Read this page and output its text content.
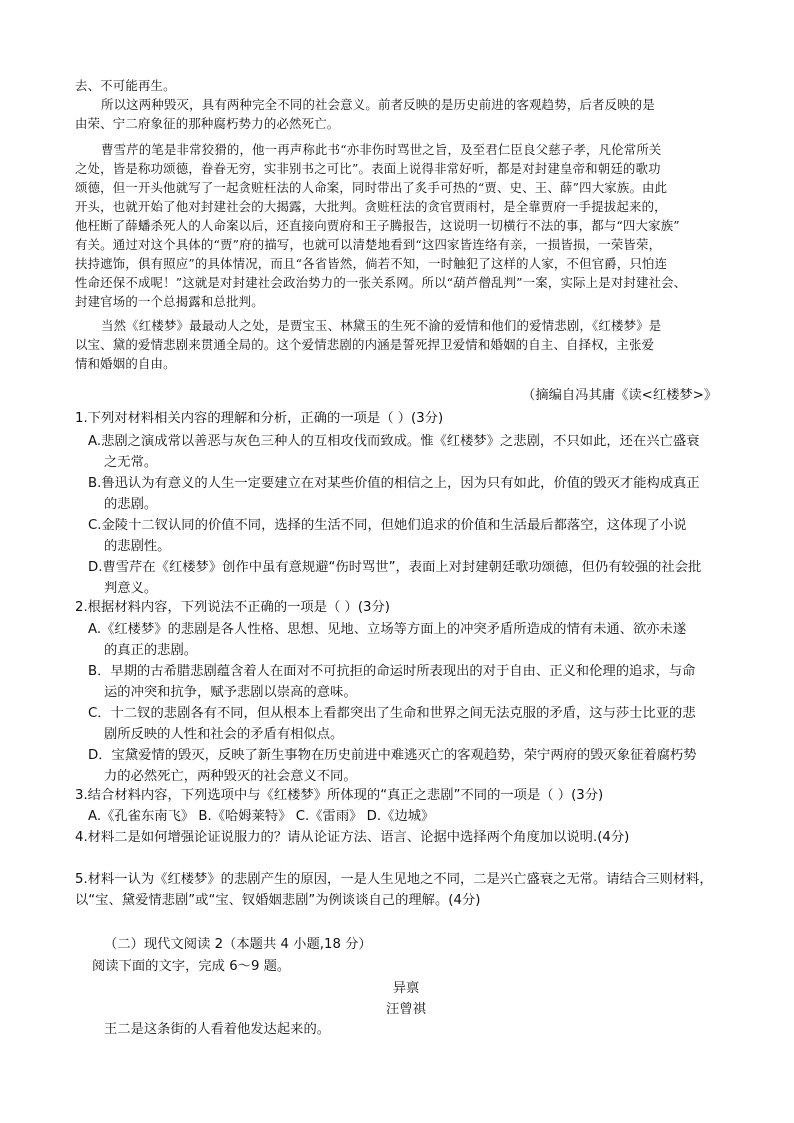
去、不可能再生。

所以这两种毁灭，具有两种完全不同的社会意义。前者反映的是历史前进的客观趋势，后者反映的是

由荣、宁二府象征的那种腐朽势力的必然死亡。

曹雪芹的笔是非常狡猾的，他一再声称此书“亦非伤时骂世之旨，及至君仁臣良父慈子孝，凡伦常所关

之处，皆是称功颂德，眷眷无穷，实非别书之可比”。表面上说得非常好听，都是对封建皇帝和朝廷的歌功

颂德，但一开头他就写了一起贪赃枉法的人命案，同时带出了炙手可热的“贾、史、王、薛”四大家族。由此

开头，也就开始了他对封建社会的大揭露，大批判。贪赃枉法的贪官贾雨村，是全靠贾府一手提拔起来的，

他枉断了薛蟠杀死人的人命案以后，还直接向贾府和王子腾报告，这说明一切横行不法的事，都与“四大家族”

有关。通过对这个具体的“贾”府的描写，也就可以清楚地看到“这四家皆连络有亲，一损皆损，一荣皆荣，

扶持遮饰，俱有照应”的具体情况，而且“各省皆然，倘若不知，一时触犯了这样的人家，不但官爵，只怕连

性命还保不成呢！”这就是对封建社会政治势力的一张关系网。所以“葫芦僧乱判”一案，实际上是对封建社会、

封建官场的一个总揭露和总批判。

当然《红楼梦》最最动人之处，是贾宝玉、林黛玉的生死不渝的爱情和他们的爱情悲剧，《红楼梦》是

以宝、黛的爱情悲剧来贯通全局的。这个爱情悲剧的内涵是誓死捍卫爱情和婚姻的自主、自择权，主张爱

情和婚姻的自由。

（摘编自冯其庸《读<红楼梦>》

1.下列对材料相关内容的理解和分析，正确的一项是（ ）(3分)

A.悲剧之演成常以善恶与灰色三种人的互相攻伐而致成。惟《红楼梦》之悲剧，不只如此，还在兴亡盛衰

之无常。

B.鲁迅认为有意义的人生一定要建立在对某些价值的相信之上，因为只有如此，价值的毁灭才能构成真正

的悲剧。

C.金陵十二钗认同的价值不同，选择的生活不同，但她们追求的价值和生活最后都落空，这体现了小说

的悲剧性。

D.曹雪芹在《红楼梦》创作中虽有意规避“伤时骂世”，表面上对封建朝廷歌功颂德，但仍有较强的社会批

判意义。

2.根据材料内容，下列说法不正确的一项是（ ）(3分)

A.《红楼梦》的悲剧是各人性格、思想、见地、立场等方面上的冲突矛盾所造成的情有未通、欲亦未遂

的真正的悲剧。

B．早期的古希腊悲剧蕴含着人在面对不可抗拒的命运时所表现出的对于自由、正义和伦理的追求，与命

运的冲突和抗争，赋予悲剧以崇高的意味。

C．十二钗的悲剧各有不同，但从根本上看都突出了生命和世界之间无法克服的矛盾，这与莎士比亚的悲

剧所反映的人性和社会的矛盾有相似点。

D．宝黛爱情的毁灭，反映了新生事物在历史前进中难逃灭亡的客观趋势，荣宁两府的毁灭象征着腐朽势

力的必然死亡，两种毁灭的社会意义不同。

3.结合材料内容，下列选项中与《红楼梦》所体现的“真正之悲剧”不同的一项是（ ）(3分)

A.《孔雀东南飞》 B.《哈姆莱特》 C.《雷雨》 D.《边城》

4.材料二是如何增强论证说服力的？请从论证方法、语言、论据中选择两个角度加以说明.(4分)

5.材料一认为《红楼梦》的悲剧产生的原因，一是人生见地之不同，二是兴亡盛衰之无常。请结合三则材料，

以“宝、黛爱情悲剧”或“宝、钗婚姻悲剧”为例谈谈自己的理解。(4分)

（二）现代文阅读 2（本题共 4 小题,18 分）

阅读下面的文字，完成 6～9 题。

异禀

汪曾祺

王二是这条街的人看着他发达起来的。
